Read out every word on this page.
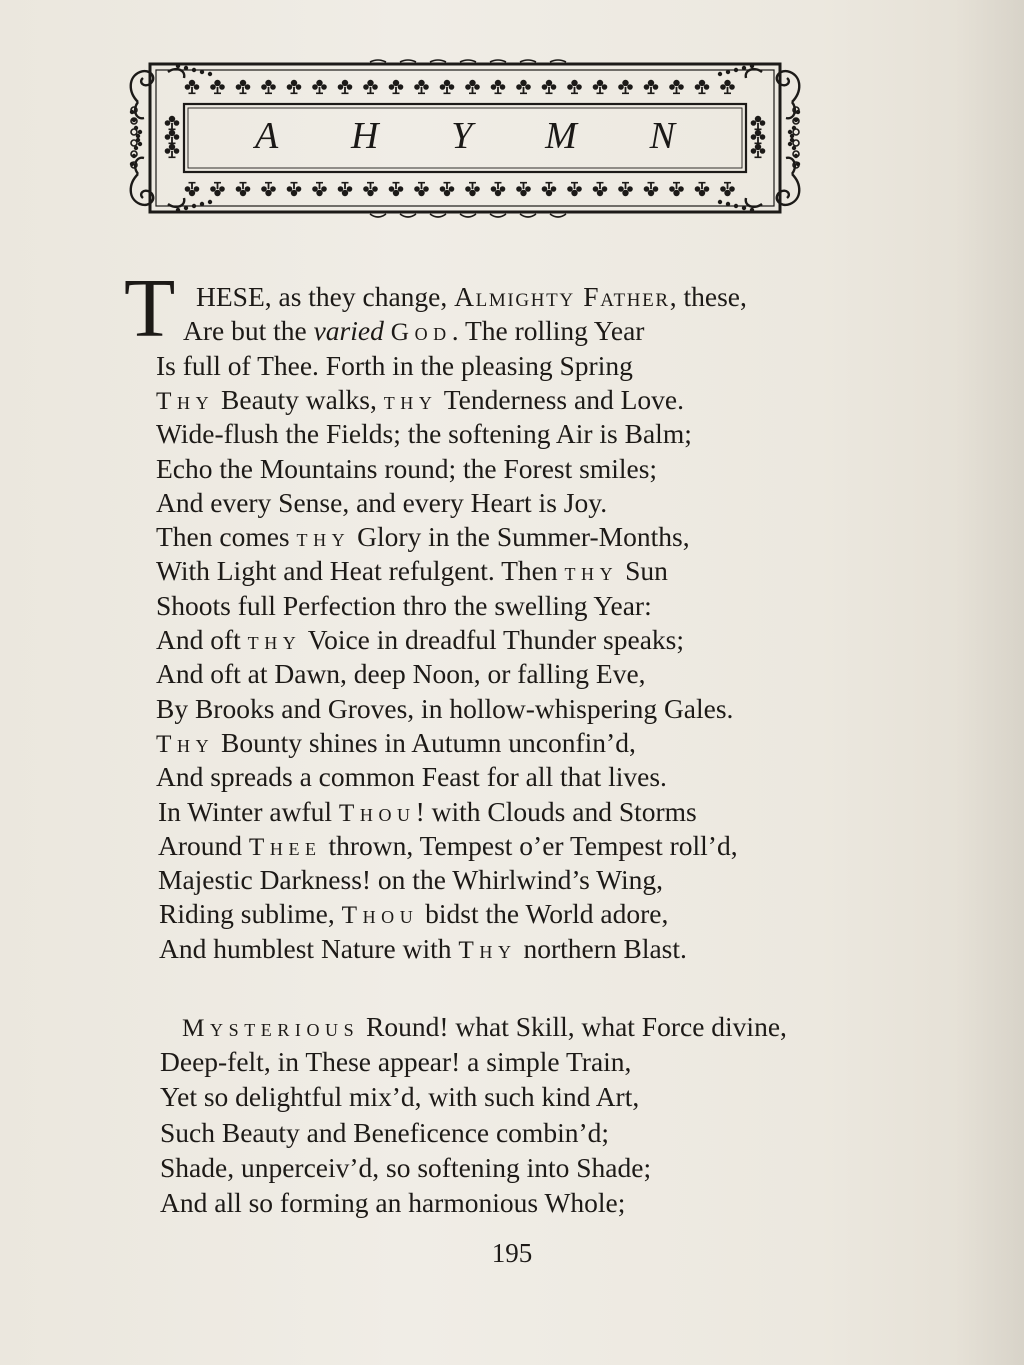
A H Y M N
T HESE, as they change, Almighty Father, these,
Are but the varied God. The rolling Year
Is full of Thee. Forth in the pleasing Spring
Thy Beauty walks, thy Tenderness and Love.
Wide-flush the Fields; the softening Air is Balm;
Echo the Mountains round; the Forest smiles;
And every Sense, and every Heart is Joy.
Then comes thy Glory in the Summer-Months,
With Light and Heat refulgent. Then thy Sun
Shoots full Perfection thro the swelling Year:
And oft thy Voice in dreadful Thunder speaks;
And oft at Dawn, deep Noon, or falling Eve,
By Brooks and Groves, in hollow-whispering Gales.
Thy Bounty shines in Autumn unconfin’d,
And spreads a common Feast for all that lives.
In Winter awful Thou! with Clouds and Storms
Around Thee thrown, Tempest o’er Tempest roll’d,
Majestic Darkness! on the Whirlwind’s Wing,
Riding sublime, Thou bidst the World adore,
And humblest Nature with Thy northern Blast.
Mysterious Round! what Skill, what Force divine,
Deep-felt, in These appear! a simple Train,
Yet so delightful mix’d, with such kind Art,
Such Beauty and Beneficence combin’d;
Shade, unperceiv’d, so softening into Shade;
And all so forming an harmonious Whole;
195
